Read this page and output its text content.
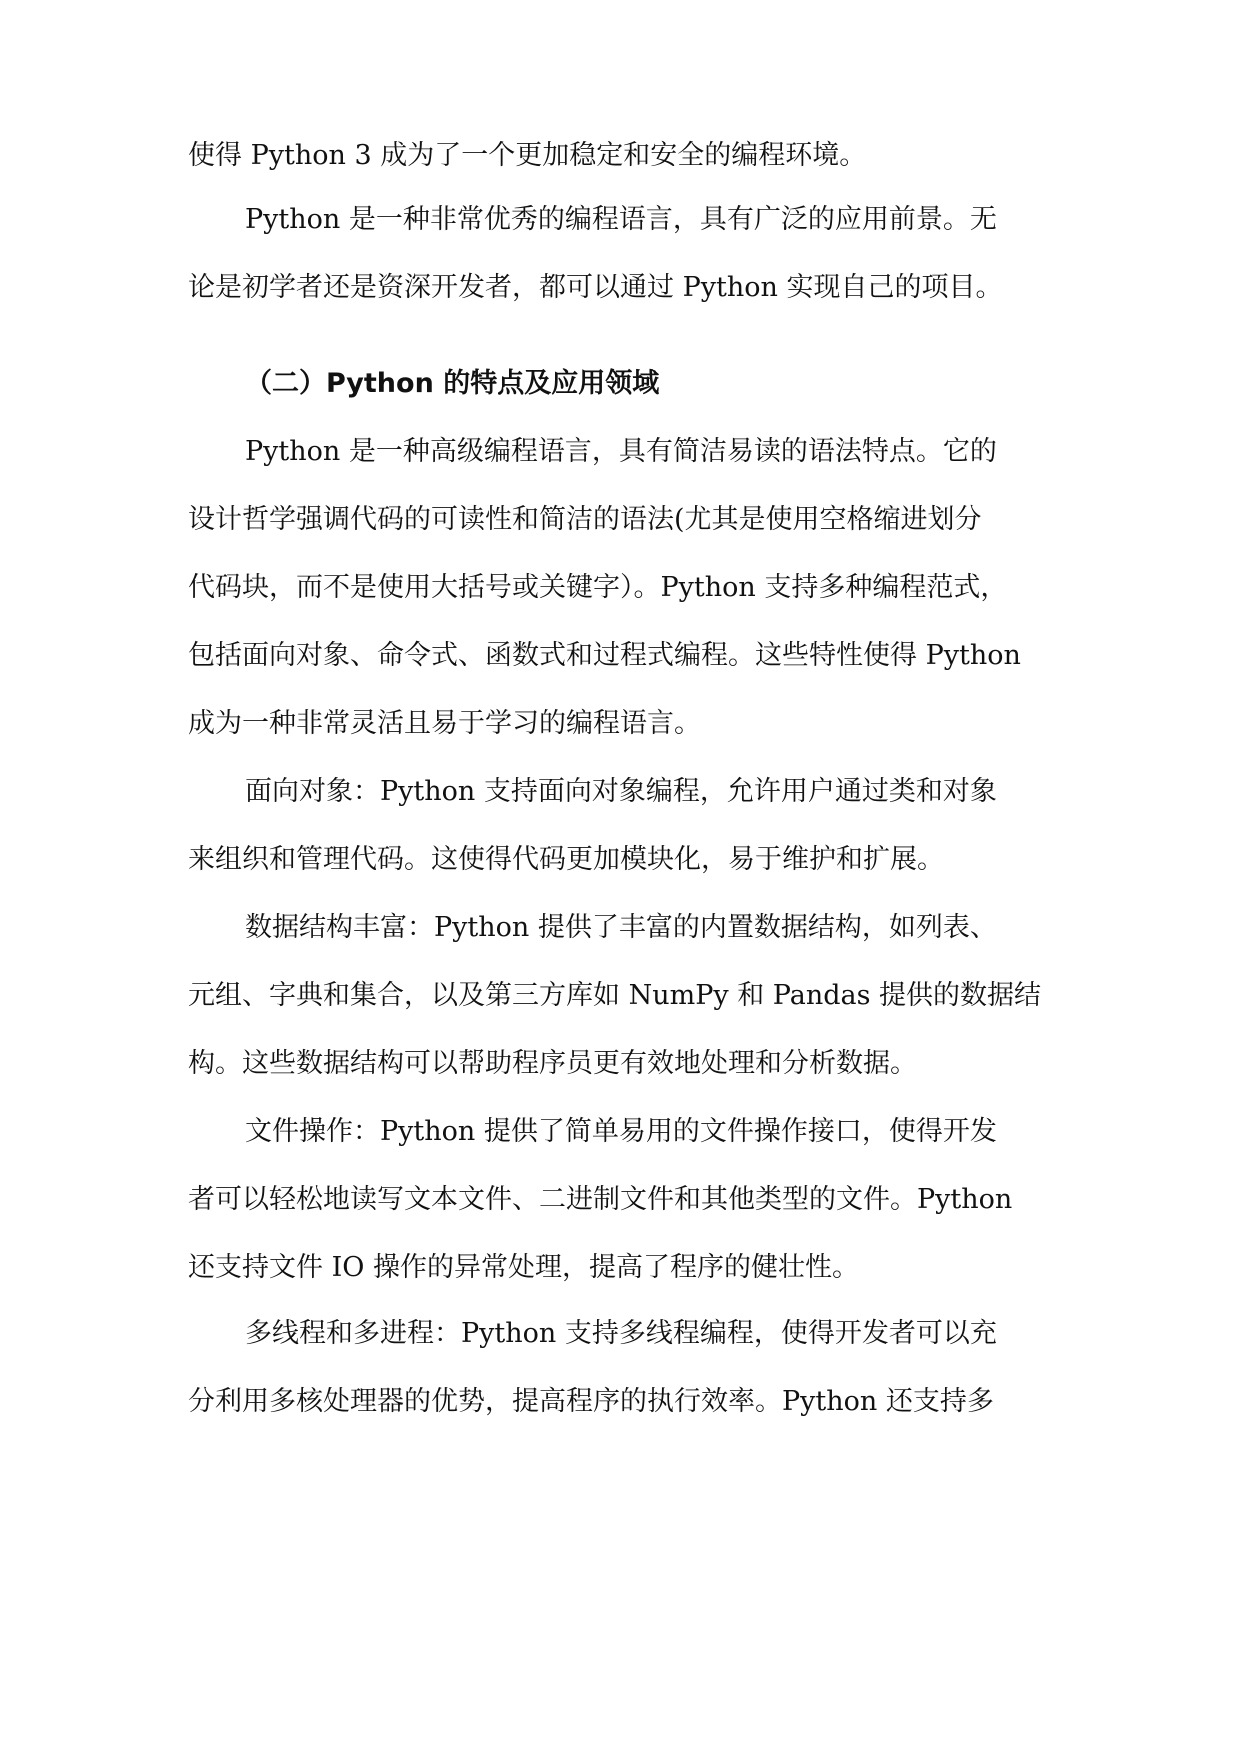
使得 Python 3 成为了一个更加稳定和安全的编程环境。

Python 是一种非常优秀的编程语言，具有广泛的应用前景。无

论是初学者还是资深开发者，都可以通过 Python 实现自己的项目。

（二）Python 的特点及应用领域

Python 是一种高级编程语言，具有简洁易读的语法特点。它的

设计哲学强调代码的可读性和简洁的语法(尤其是使用空格缩进划分

代码块，而不是使用大括号或关键字）。Python 支持多种编程范式，

包括面向对象、命令式、函数式和过程式编程。这些特性使得 Python

成为一种非常灵活且易于学习的编程语言。

面向对象：Python 支持面向对象编程，允许用户通过类和对象

来组织和管理代码。这使得代码更加模块化，易于维护和扩展。

数据结构丰富：Python 提供了丰富的内置数据结构，如列表、

元组、字典和集合，以及第三方库如 NumPy 和 Pandas 提供的数据结

构。这些数据结构可以帮助程序员更有效地处理和分析数据。

文件操作：Python 提供了简单易用的文件操作接口，使得开发

者可以轻松地读写文本文件、二进制文件和其他类型的文件。Python

还支持文件 IO 操作的异常处理，提高了程序的健壮性。

多线程和多进程：Python 支持多线程编程，使得开发者可以充

分利用多核处理器的优势，提高程序的执行效率。Python 还支持多
